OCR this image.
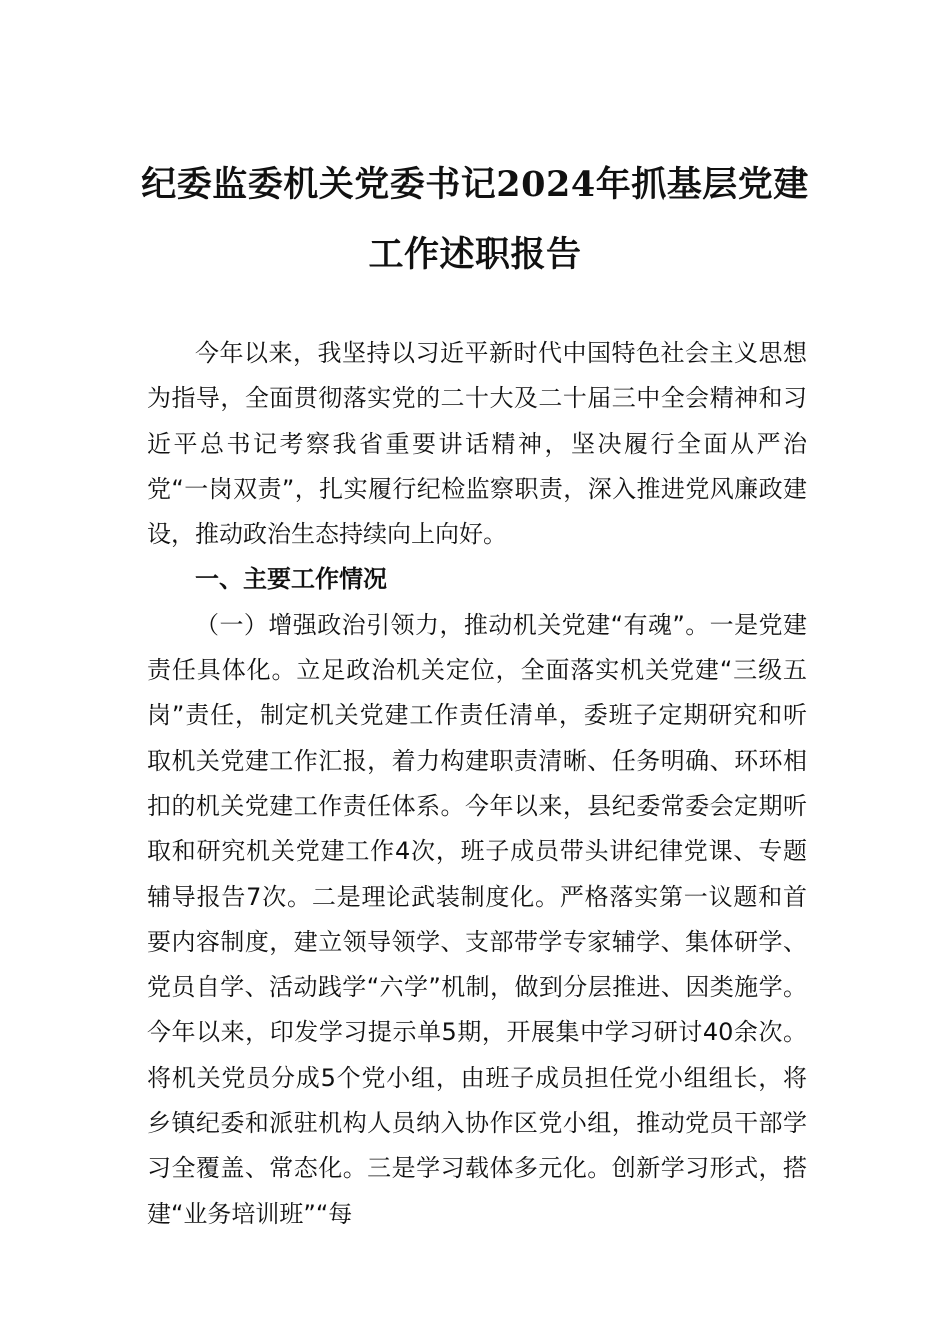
纪委监委机关党委书记2024年抓基层党建
工作述职报告

今年以来，我坚持以习近平新时代中国特色社会主义思想为指导，全面贯彻落实党的二十大及二十届三中全会精神和习近平总书记考察我省重要讲话精神，坚决履行全面从严治党“一岗双责”，扎实履行纪检监察职责，深入推进党风廉政建设，推动政治生态持续向上向好。

一、主要工作情况

（一）增强政治引领力，推动机关党建“有魂”。一是党建责任具体化。立足政治机关定位，全面落实机关党建“三级五岗”责任，制定机关党建工作责任清单，委班子定期研究和听取机关党建工作汇报，着力构建职责清晰、任务明确、环环相扣的机关党建工作责任体系。今年以来，县纪委常委会定期听取和研究机关党建工作4次，班子成员带头讲纪律党课、专题辅导报告7次。二是理论武装制度化。严格落实第一议题和首要内容制度，建立领导领学、支部带学专家辅学、集体研学、党员自学、活动践学“六学”机制，做到分层推进、因类施学。今年以来，印发学习提示单5期，开展集中学习研讨40余次。将机关党员分成5个党小组，由班子成员担任党小组组长，将乡镇纪委和派驻机构人员纳入协作区党小组，推动党员干部学习全覆盖、常态化。三是学习载体多元化。创新学习形式，搭建“业务培训班”“每
